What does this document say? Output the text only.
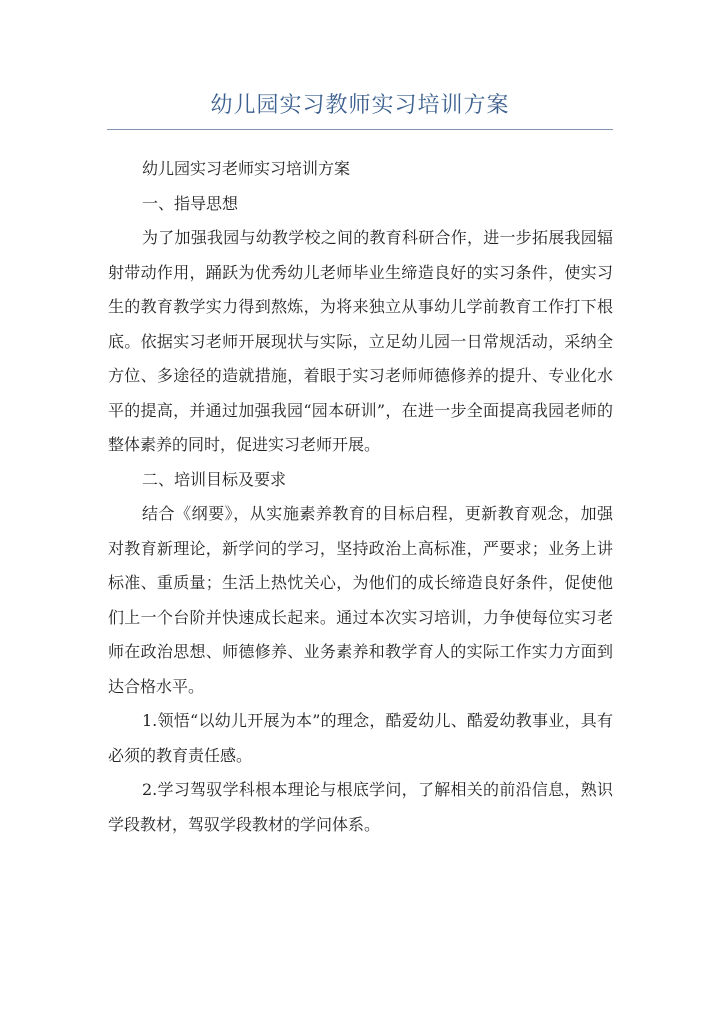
幼儿园实习教师实习培训方案

幼儿园实习老师实习培训方案

一、指导思想

为了加强我园与幼教学校之间的教育科研合作，进一步拓展我园辐射带动作用，踊跃为优秀幼儿老师毕业生缔造良好的实习条件，使实习生的教育教学实力得到熬炼，为将来独立从事幼儿学前教育工作打下根底。依据实习老师开展现状与实际，立足幼儿园一日常规活动，采纳全方位、多途径的造就措施，着眼于实习老师师德修养的提升、专业化水平的提高，并通过加强我园“园本研训”，在进一步全面提高我园老师的整体素养的同时，促进实习老师开展。

二、培训目标及要求

结合《纲要》，从实施素养教育的目标启程，更新教育观念，加强对教育新理论，新学问的学习，坚持政治上高标准，严要求；业务上讲标准、重质量；生活上热忱关心，为他们的成长缔造良好条件，促使他们上一个台阶并快速成长起来。通过本次实习培训，力争使每位实习老师在政治思想、师德修养、业务素养和教学育人的实际工作实力方面到达合格水平。

1.领悟“以幼儿开展为本”的理念，酷爱幼儿、酷爱幼教事业，具有必须的教育责任感。

2.学习驾驭学科根本理论与根底学问，了解相关的前沿信息，熟识学段教材，驾驭学段教材的学问体系。
